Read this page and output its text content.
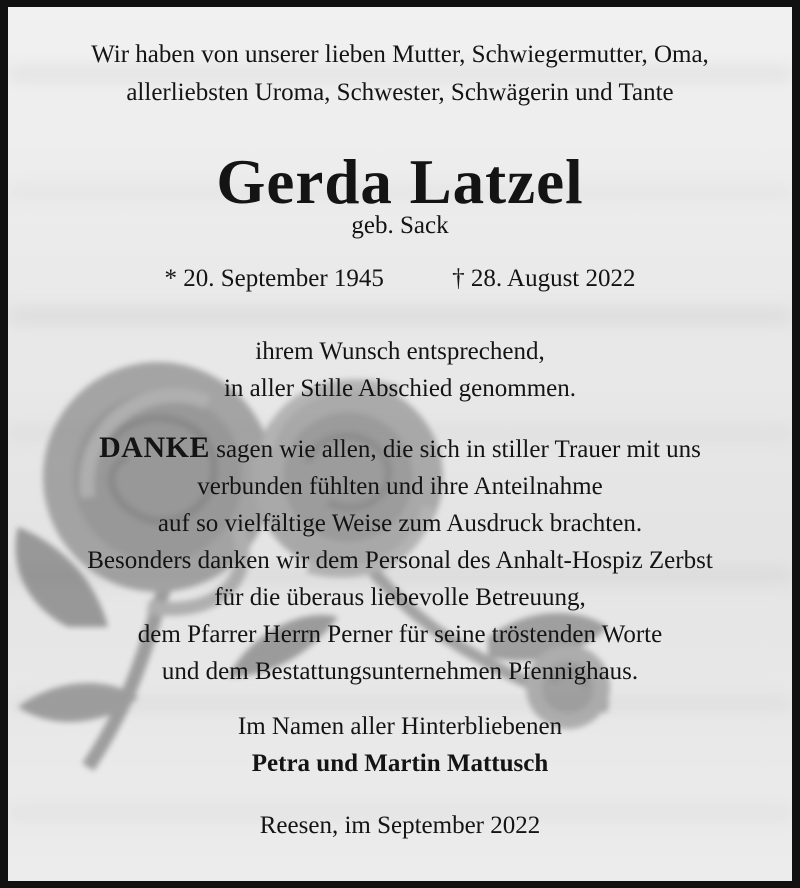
Wir haben von unserer lieben Mutter, Schwiegermutter, Oma,
allerliebsten Uroma, Schwester, Schwägerin und Tante
Gerda Latzel
geb. Sack
* 20. September 1945	† 28. August 2022
ihrem Wunsch entsprechend,
in aller Stille Abschied genommen.
DANKE sagen wie allen, die sich in stiller Trauer mit uns
verbunden fühlten und ihre Anteilnahme
auf so vielfältige Weise zum Ausdruck brachten.
Besonders danken wir dem Personal des Anhalt-Hospiz Zerbst
für die überaus liebevolle Betreuung,
dem Pfarrer Herrn Perner für seine tröstenden Worte
und dem Bestattungsunternehmen Pfennighaus.
Im Namen aller Hinterbliebenen
Petra und Martin Mattusch
Reesen, im September 2022
